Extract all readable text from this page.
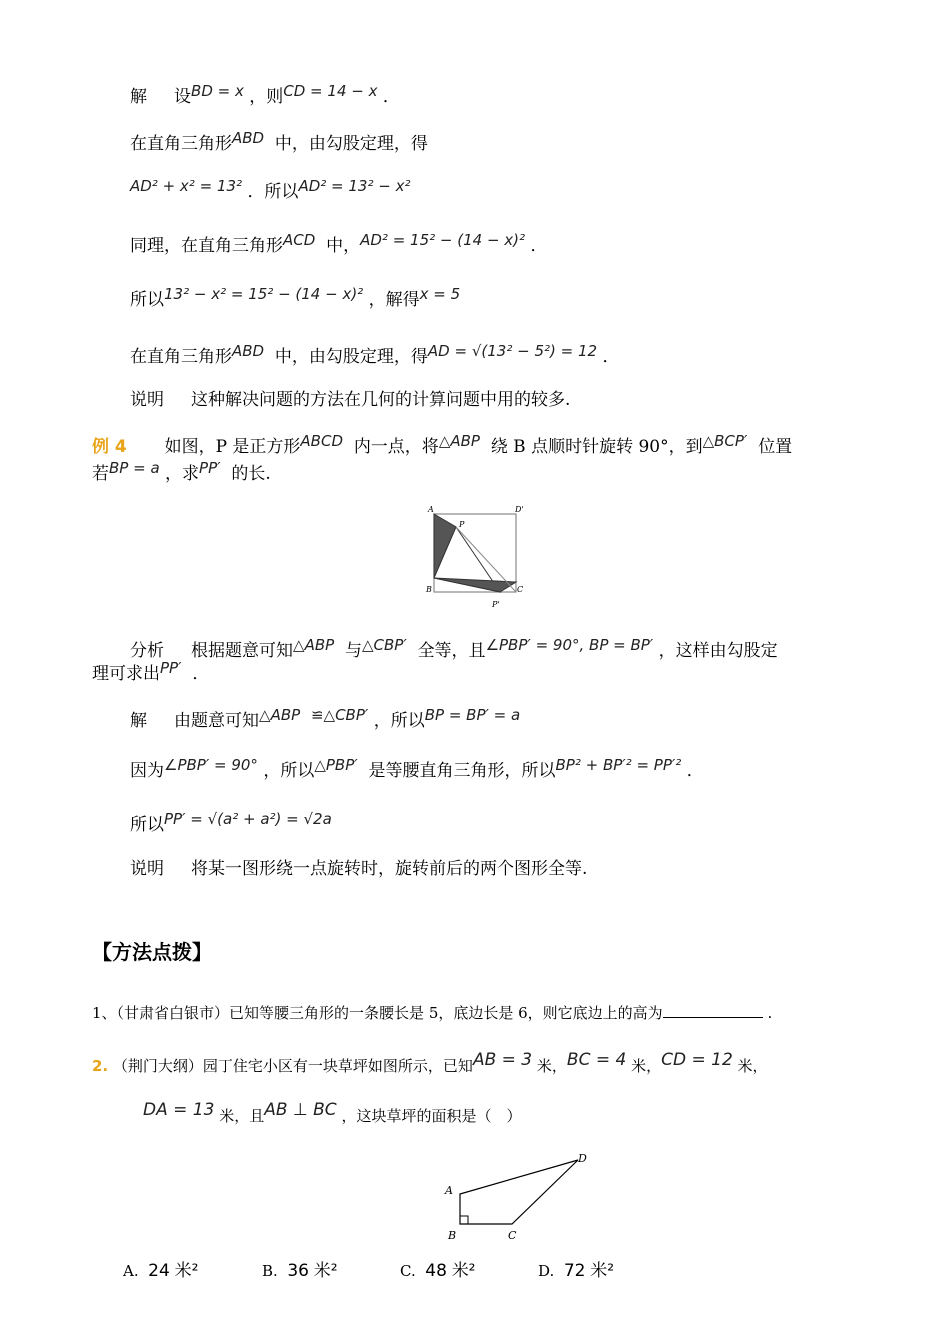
解 设BD = x ，则CD = 14 − x ．
在直角三角形ABD 中，由勾股定理，得
AD² + x² = 13² ．所以AD² = 13² − x²
同理，在直角三角形ACD 中，AD² = 15² − (14 − x)² ．
所以13² − x² = 15² − (14 − x)² ，解得x = 5
在直角三角形ABD 中，由勾股定理，得AD = √(13² − 5²) = 12 ．
说明 这种解决问题的方法在几何的计算问题中用的较多.
例 4 如图，P 是正方形ABCD 内一点，将△ABP 绕 B 点顺时针旋转 90°，到△BCP′ 位置
若BP = a ，求PP′ 的长.
A	D'
P
B	C
P'
分析 根据题意可知△ABP 与△CBP′ 全等，且∠PBP′ = 90°, BP = BP′ ，这样由勾股定
理可求出PP′ ．
解 由题意可知△ABP ≌△CBP′ ，所以BP = BP′ = a
因为∠PBP′ = 90° ，所以△PBP′ 是等腰直角三角形，所以BP² + BP′² = PP′² ．
所以PP′ = √(a² + a²) = √2a
说明 将某一图形绕一点旋转时，旋转前后的两个图形全等.
【方法点拨】
1、（甘肃省白银市）已知等腰三角形的一条腰长是 5，底边长是 6，则它底边上的高为	.
2. （荆门大纲）园丁住宅小区有一块草坪如图所示，已知AB = 3 米，BC = 4 米，CD = 12 米，
DA = 13 米，且AB ⊥ BC ，这块草坪的面积是（　）
A
B	C
D
A. 24 米²	B. 36 米²	C. 48 米²	D. 72 米²
